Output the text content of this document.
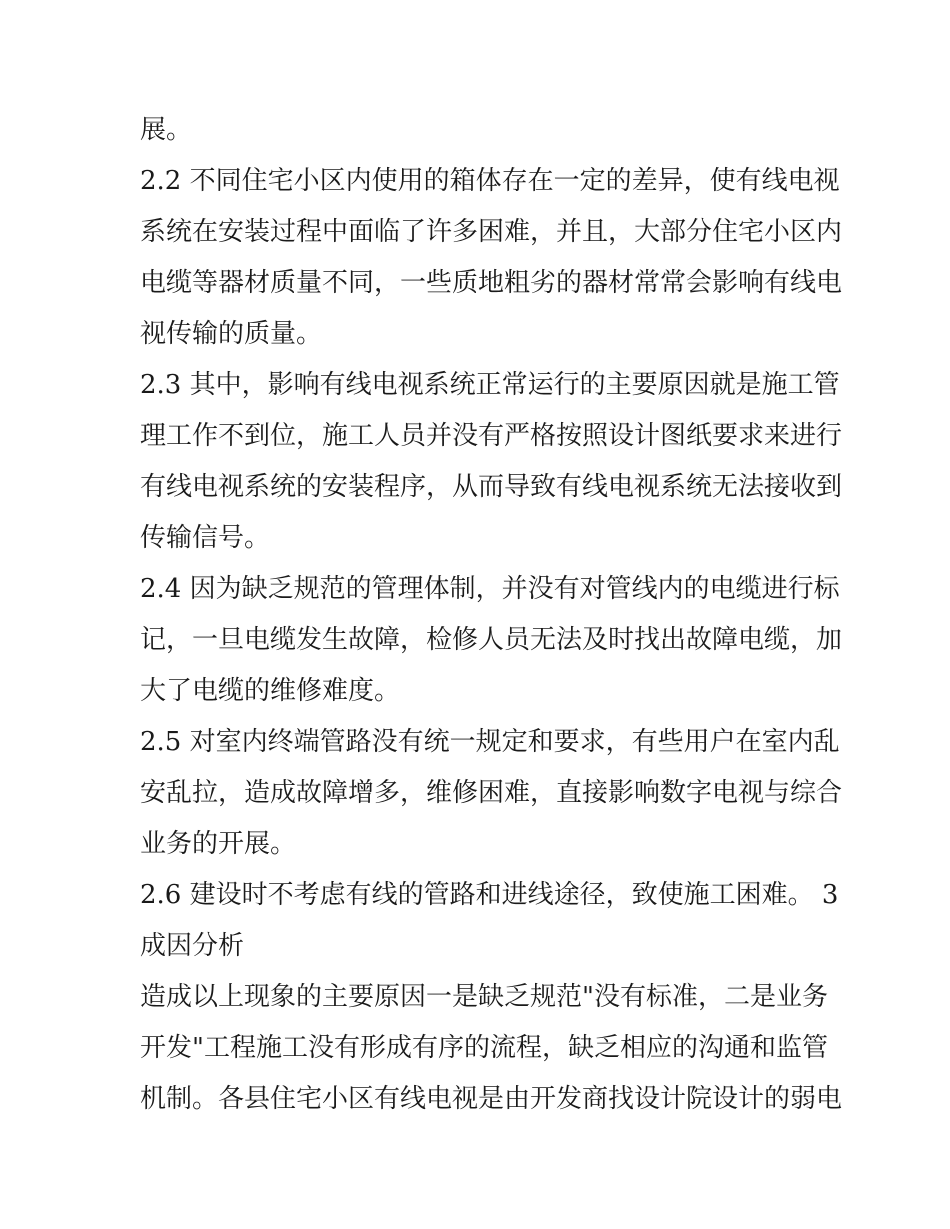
展。
2.2 不同住宅小区内使用的箱体存在一定的差异，使有线电视
系统在安装过程中面临了许多困难，并且，大部分住宅小区内
电缆等器材质量不同，一些质地粗劣的器材常常会影响有线电
视传输的质量。
2.3 其中，影响有线电视系统正常运行的主要原因就是施工管
理工作不到位，施工人员并没有严格按照设计图纸要求来进行
有线电视系统的安装程序，从而导致有线电视系统无法接收到
传输信号。
2.4 因为缺乏规范的管理体制，并没有对管线内的电缆进行标
记，一旦电缆发生故障，检修人员无法及时找出故障电缆，加
大了电缆的维修难度。
2.5 对室内终端管路没有统一规定和要求，有些用户在室内乱
安乱拉，造成故障增多，维修困难，直接影响数字电视与综合
业务的开展。
2.6 建设时不考虑有线的管路和进线途径，致使施工困难。 3
成因分析
造成以上现象的主要原因一是缺乏规范"没有标准，二是业务
开发"工程施工没有形成有序的流程，缺乏相应的沟通和监管
机制。各县住宅小区有线电视是由开发商找设计院设计的弱电
